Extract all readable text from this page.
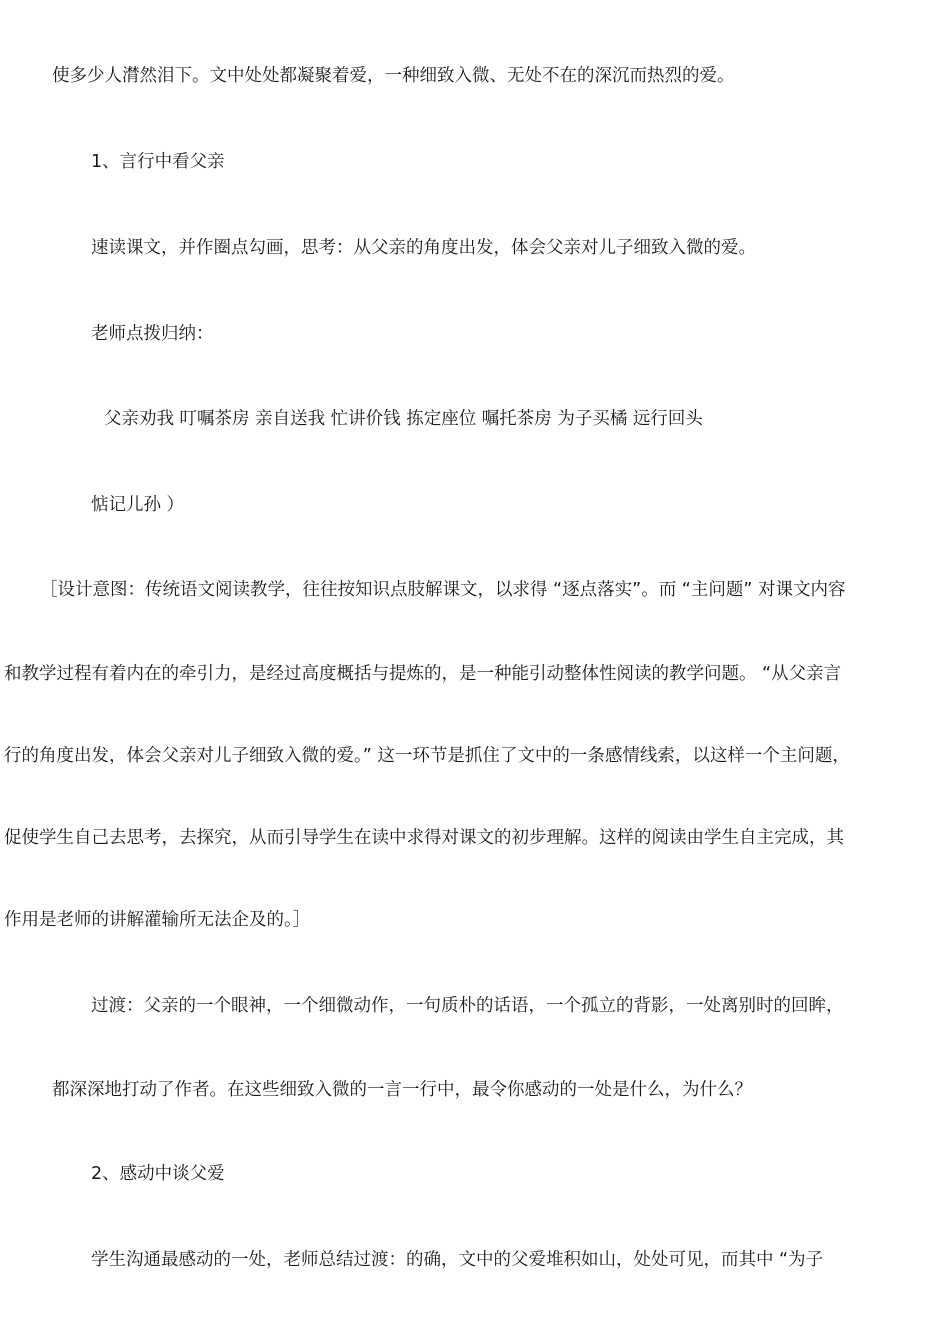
使多少人潸然泪下。文中处处都凝聚着爱，一种细致入微、无处不在的深沉而热烈的爱。
1、言行中看父亲
速读课文，并作圈点勾画，思考：从父亲的角度出发，体会父亲对儿子细致入微的爱。
老师点拨归纳：
父亲劝我 叮嘱茶房 亲自送我 忙讲价钱 拣定座位 嘱托茶房 为子买橘 远行回头
惦记儿孙 ）
［设计意图：传统语文阅读教学，往往按知识点肢解课文，以求得 “逐点落实”。而 “主问题” 对课文内容
和教学过程有着内在的牵引力，是经过高度概括与提炼的，是一种能引动整体性阅读的教学问题。 “从父亲言
行的角度出发，体会父亲对儿子细致入微的爱。” 这一环节是抓住了文中的一条感情线索，以这样一个主问题，
促使学生自己去思考，去探究，从而引导学生在读中求得对课文的初步理解。这样的阅读由学生自主完成，其
作用是老师的讲解灌输所无法企及的。］
过渡：父亲的一个眼神，一个细微动作，一句质朴的话语，一个孤立的背影，一处离别时的回眸，
都深深地打动了作者。在这些细致入微的一言一行中，最令你感动的一处是什么，为什么？
2、感动中谈父爱
学生沟通最感动的一处，老师总结过渡：的确，文中的父爱堆积如山，处处可见，而其中 “为子
